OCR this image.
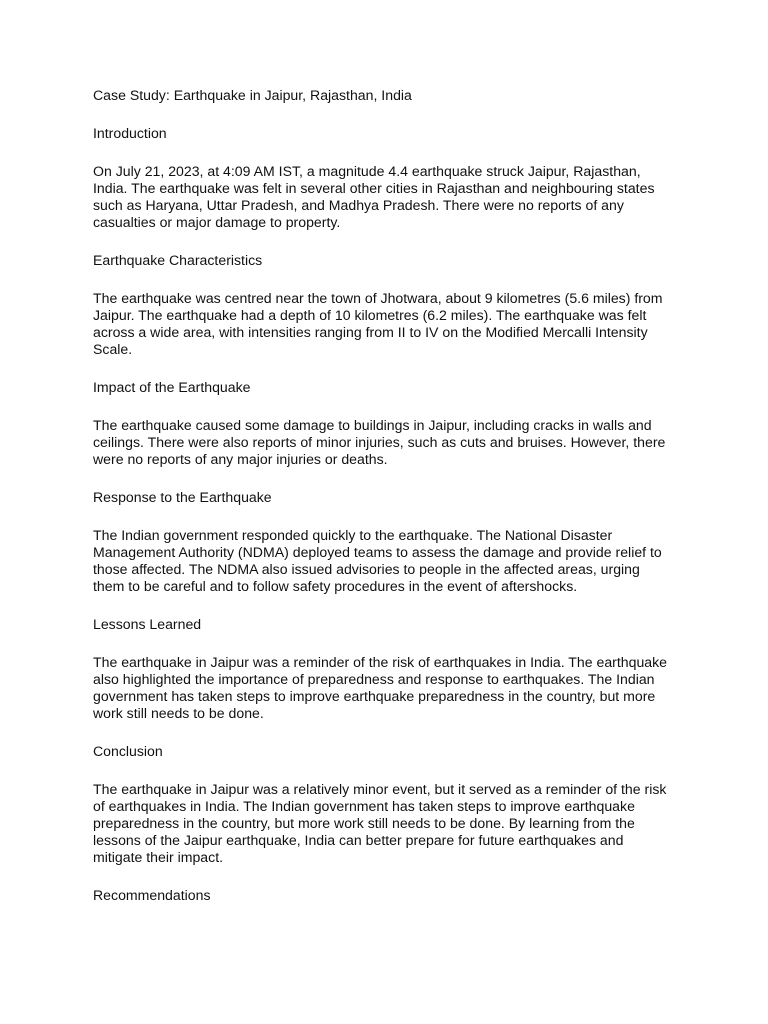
Case Study: Earthquake in Jaipur, Rajasthan, India

Introduction

On July 21, 2023, at 4:09 AM IST, a magnitude 4.4 earthquake struck Jaipur, Rajasthan, India. The earthquake was felt in several other cities in Rajasthan and neighbouring states such as Haryana, Uttar Pradesh, and Madhya Pradesh. There were no reports of any casualties or major damage to property.

Earthquake Characteristics

The earthquake was centred near the town of Jhotwara, about 9 kilometres (5.6 miles) from Jaipur. The earthquake had a depth of 10 kilometres (6.2 miles). The earthquake was felt across a wide area, with intensities ranging from II to IV on the Modified Mercalli Intensity Scale.

Impact of the Earthquake

The earthquake caused some damage to buildings in Jaipur, including cracks in walls and ceilings. There were also reports of minor injuries, such as cuts and bruises. However, there were no reports of any major injuries or deaths.

Response to the Earthquake

The Indian government responded quickly to the earthquake. The National Disaster Management Authority (NDMA) deployed teams to assess the damage and provide relief to those affected. The NDMA also issued advisories to people in the affected areas, urging them to be careful and to follow safety procedures in the event of aftershocks.

Lessons Learned

The earthquake in Jaipur was a reminder of the risk of earthquakes in India. The earthquake also highlighted the importance of preparedness and response to earthquakes. The Indian government has taken steps to improve earthquake preparedness in the country, but more work still needs to be done.

Conclusion

The earthquake in Jaipur was a relatively minor event, but it served as a reminder of the risk of earthquakes in India. The Indian government has taken steps to improve earthquake preparedness in the country, but more work still needs to be done. By learning from the lessons of the Jaipur earthquake, India can better prepare for future earthquakes and mitigate their impact.

Recommendations
